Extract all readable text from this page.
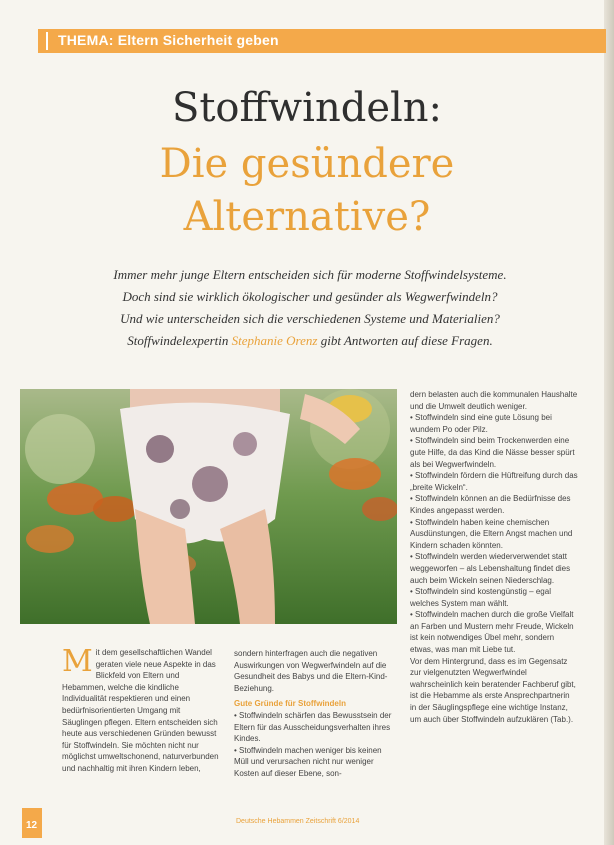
THEMA: Eltern Sicherheit geben
Stoffwindeln:
Die gesündere
Alternative?
Immer mehr junge Eltern entscheiden sich für moderne Stoffwindelsysteme.
Doch sind sie wirklich ökologischer und gesünder als Wegwerfwindeln?
Und wie unterscheiden sich die verschiedenen Systeme und Materialien?
Stoffwindelexpertin Stephanie Orenz gibt Antworten auf diese Fragen.
M it dem gesellschaftlichen Wandel geraten viele neue Aspekte in das Blickfeld von Eltern und Hebammen, welche die kindliche Individualität respektieren und einen bedürfnisorientierten Umgang mit Säuglingen pflegen. Eltern entscheiden sich heute aus verschiedenen Gründen bewusst für Stoffwindeln. Sie möchten nicht nur möglichst umweltschonend, naturverbunden und nachhaltig mit ihren Kindern leben,

sondern hinterfragen auch die negativen Auswirkungen von Wegwerfwindeln auf die Gesundheit des Babys und die Eltern-Kind-Beziehung.

Gute Gründe für Stoffwindeln

• Stoffwindeln schärfen das Bewusstsein der Eltern für das Ausscheidungsverhalten ihres Kindes.

• Stoffwindeln machen weniger bis keinen Müll und verursachen nicht nur weniger Kosten auf dieser Ebene, son-

dern belasten auch die kommunalen Haushalte und die Umwelt deutlich weniger.

• Stoffwindeln sind eine gute Lösung bei wundem Po oder Pilz.

• Stoffwindeln sind beim Trockenwerden eine gute Hilfe, da das Kind die Nässe besser spürt als bei Wegwerfwindeln.

• Stoffwindeln fördern die Hüftreifung durch das „breite Wickeln“.

• Stoffwindeln können an die Bedürfnisse des Kindes angepasst werden.

• Stoffwindeln haben keine chemischen Ausdünstungen, die Eltern Angst machen und Kindern schaden könnten.

• Stoffwindeln werden wiederverwendet statt weggeworfen – als Lebenshaltung findet dies auch beim Wickeln seinen Niederschlag.

• Stoffwindeln sind kostengünstig – egal welches System man wählt.

• Stoffwindeln machen durch die große Vielfalt an Farben und Mustern mehr Freude, Wickeln ist kein notwendiges Übel mehr, sondern etwas, was man mit Liebe tut.

Vor dem Hintergrund, dass es im Gegensatz zur vielgenutzten Wegwerfwindel wahrscheinlich kein beratender Fachberuf gibt, ist die Hebamme als erste Ansprechpartnerin in der Säuglingspflege eine wichtige Instanz, um auch über Stoffwindeln aufzuklären (Tab.).

12	Deutsche Hebammen Zeitschrift 6/2014
